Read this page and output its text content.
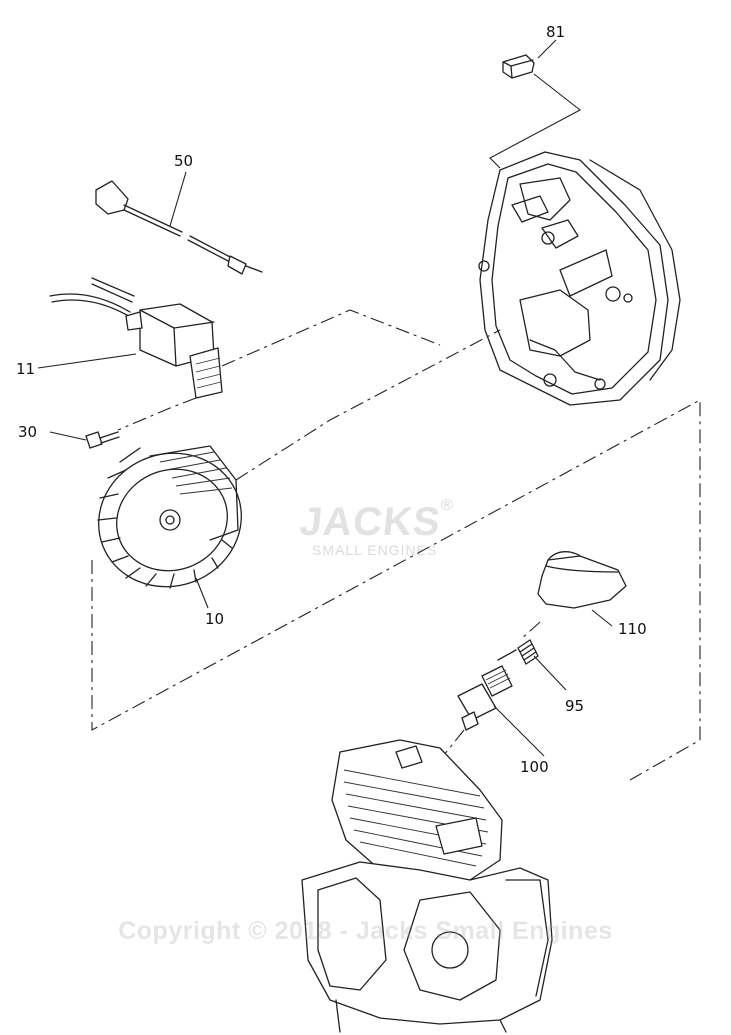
81
50
11
30
10
110
95
100
JACKS
SMALL ENGINES
®
Copyright © 2018 - Jacks Small Engines
